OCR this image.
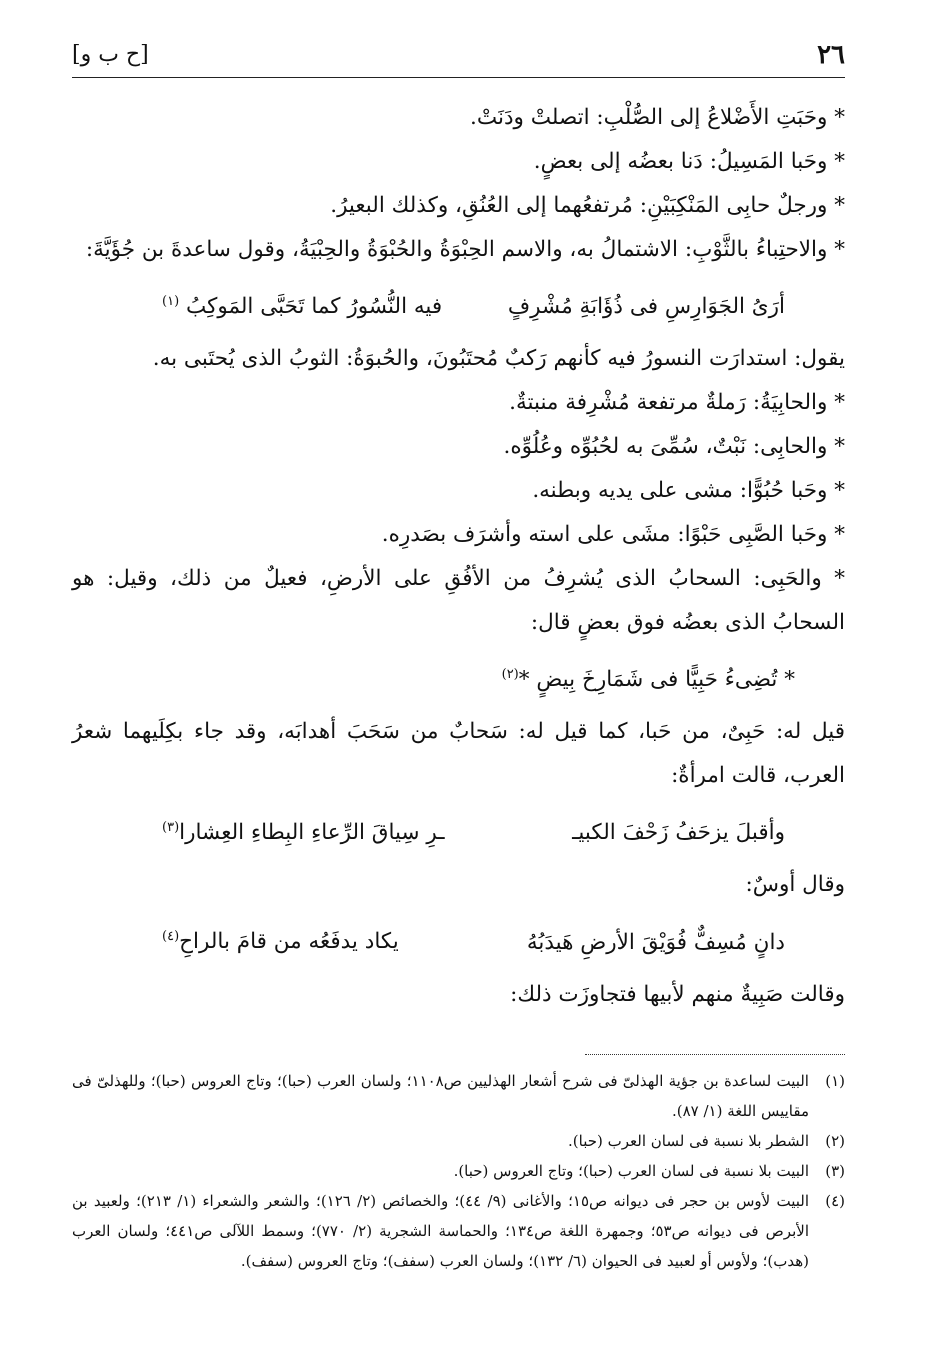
٢٦
[ح ب و]

* وحَبَتِ الأَضْلاعُ إلى الصُّلْبِ: اتصلتْ ودَنَتْ.

* وحَبا المَسِيلُ: دَنا بعضُه إلى بعضٍ.

* ورجلٌ حابِى المَنْكِبَيْنِ: مُرتفعُهما إلى العُنُقِ، وكذلك البعيرُ.

* والاحتِباءُ بالثَّوْبِ: الاشتمالُ به، والاسم الحِبْوَةُ والحُبْوَةُ والحِبْيَةُ، وقول ساعدةَ بن جُؤَيَّةَ:

أرَىُ الجَوَارِسِ فى ذُؤَابَةِ مُشْرِفٍ
فيه النُّسُورُ كما تَحَبَّى المَوكِبُ $^{(١)}$

يقول: استدارَت النسورُ فيه كأنهم رَكبٌ مُحتَبُونَ، والحُبوَةُ: الثوبُ الذى يُحتَبى به.

* والحابِيَةُ: رَملةٌ مرتفعة مُشْرِفة منبتةٌ.

* والحابِى: نَبْتٌ، سُمِّىَ به لحُبُوِّه وعُلُوِّه.

* وحَبا حُبُوًّا: مشى على يديه وبطنه.

* وحَبا الصَّبِى حَبْوًا: مشَى على استه وأشرَف بصَدرِه.

* والحَبِى: السحابُ الذى يُشرِفُ من الأفُقِ على الأرضِ، فعيلٌ من ذلك، وقيل: هو السحابُ الذى بعضُه فوق بعضٍ قال:

* تُضِىءُ حَبِيًّا فى شَمَارِخَ بِيضٍ *$^{(٢)}$

قيل له: حَبِىٌ، من حَبا، كما قيل له: سَحابٌ من سَحَبَ أهدابَه، وقد جاء بكِلَيهما شعرُ العرب، قالت امرأةٌ:

وأقبلَ يزحَفُ زَحْفَ الكبيـ
ـرِ سِياقَ الرِّعاءِ البِطاءِ العِشارا$^{(٣)}$

وقال أوسٌ:

دانٍ مُسِفٌّ فُوَيْقَ الأرضِ هَيدَبُهُ
يكاد يدفَعُه من قامَ بالراحِ$^{(٤)}$

وقالت صَبِيةٌ منهم لأبيها فتجاوزَت ذلك:

(١)
البيت لساعدة بن جؤية الهذلىّ فى شرح أشعار الهذليين ص١١٠٨؛ ولسان العرب (حبا)؛ وتاج العروس (حبا)؛ وللهذلىّ فى مقاييس اللغة (١/ ٨٧).
(٢)
الشطر بلا نسبة فى لسان العرب (حبا).
(٣)
البيت بلا نسبة فى لسان العرب (حبا)؛ وتاج العروس (حبا).
(٤)
البيت لأوس بن حجر فى ديوانه ص١٥؛ والأغانى (٩/ ٤٤)؛ والخصائص (٢/ ١٢٦)؛ والشعر والشعراء (١/ ٢١٣)؛ ولعبيد بن الأبرص فى ديوانه ص٥٣؛ وجمهرة اللغة ص١٣٤؛ والحماسة الشجرية (٢/ ٧٧٠)؛ وسمط اللآلى ص٤٤١؛ ولسان العرب (هدب)؛ ولأوس أو لعبيد فى الحيوان (٦/ ١٣٢)؛ ولسان العرب (سفف)؛ وتاج العروس (سفف).
